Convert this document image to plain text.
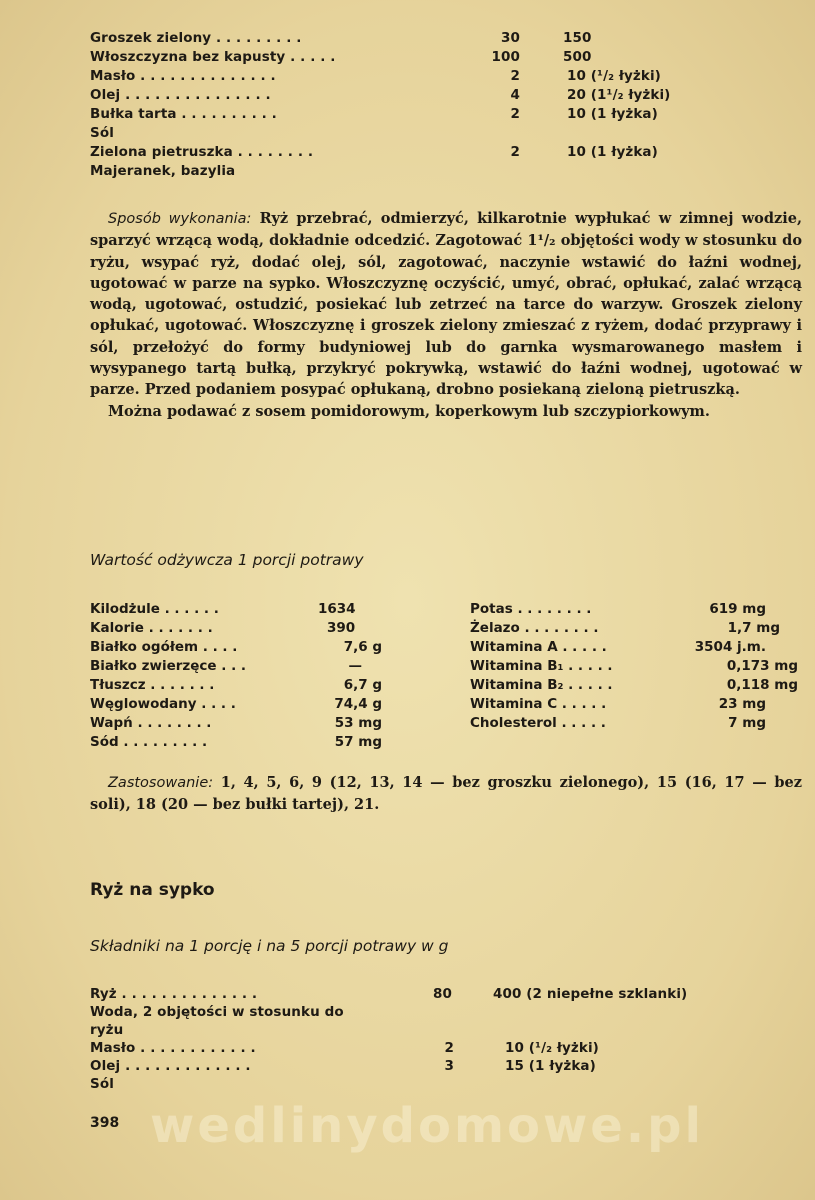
Groszek zielony . . . . . . . . .	30	150
Włoszczyzna bez kapusty . . . . .	100	500
Masło . . . . . . . . . . . . . .	2	10 (¹/₂ łyżki)
Olej . . . . . . . . . . . . . . .	4	20 (1¹/₂ łyżki)
Bułka tarta . . . . . . . . . .	2	10 (1 łyżka)
Sól
Zielona pietruszka . . . . . . . .	2	10 (1 łyżka)
Majeranek, bazylia

Sposób wykonania: Ryż przebrać, odmierzyć, kilkarotnie wypłukać w zimnej wodzie, sparzyć wrzącą wodą, dokładnie odcedzić. Zagotować 1¹/₂ objętości wody w stosunku do ryżu, wsypać ryż, dodać olej, sól, zagotować, naczynie wstawić do łaźni wodnej, ugotować w parze na sypko. Włoszczyznę oczyścić, umyć, obrać, opłukać, zalać wrzącą wodą, ugotować, ostudzić, posiekać lub zetrzeć na tarce do warzyw. Groszek zielony opłukać, ugotować. Włoszczyznę i groszek zielony zmieszać z ryżem, dodać przyprawy i sól, przełożyć do formy budyniowej lub do garnka wysmarowanego masłem i wysypanego tartą bułką, przykryć pokrywką, wstawić do łaźni wodnej, ugotować w parze. Przed podaniem posypać opłukaną, drobno posiekaną zieloną pietruszką.

Można podawać z sosem pomidorowym, koperkowym lub szczypiorkowym.

Wartość odżywcza 1 porcji potrawy
Kilodżule . . . . . .	1634
Kalorie . . . . . . .	390
Białko ogółem . . . .	7,6 g
Białko zwierzęce . . .	—
Tłuszcz . . . . . . .	6,7 g
Węglowodany . . . .	74,4 g
Wapń . . . . . . . .	53 mg
Sód . . . . . . . . .	57 mg
Potas . . . . . . . .	619 mg
Żelazo . . . . . . . .	1,7 mg
Witamina A . . . . .	3504 j.m.
Witamina B₁ . . . . .	0,173 mg
Witamina B₂ . . . . .	0,118 mg
Witamina C . . . . .	23 mg
Cholesterol . . . . .	7 mg

Zastosowanie: 1, 4, 5, 6, 9 (12, 13, 14 — bez groszku zielonego), 15 (16, 17 — bez soli), 18 (20 — bez bułki tartej), 21.

Ryż na sypko
Składniki na 1 porcję i na 5 porcji potrawy w g
Ryż . . . . . . . . . . . . . .	80	400 (2 niepełne szklanki)
Woda, 2 objętości w stosunku do
ryżu
Masło . . . . . . . . . . . .	2	10 (¹/₂ łyżki)
Olej . . . . . . . . . . . . .	3	15 (1 łyżka)
Sól
wedlinydomowe.pl
398
